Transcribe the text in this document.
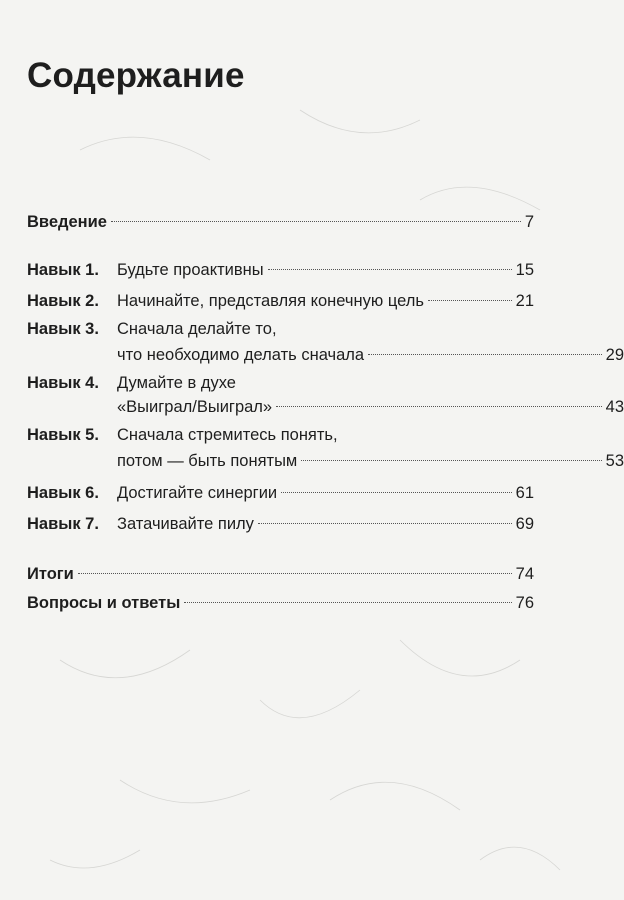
Содержание
Введение	7
Навык 1.	Будьте проактивны	15
Навык 2.	Начинайте, представляя конечную цель	21
Навык 3.	Сначала делайте то,
что необходимо делать сначала	29
Навык 4.	Думайте в духе
«Выиграл/Выиграл»	43
Навык 5.	Сначала стремитесь понять,
потом — быть понятым	53
Навык 6.	Достигайте синергии	61
Навык 7.	Затачивайте пилу	69
Итоги	74
Вопросы и ответы	76
